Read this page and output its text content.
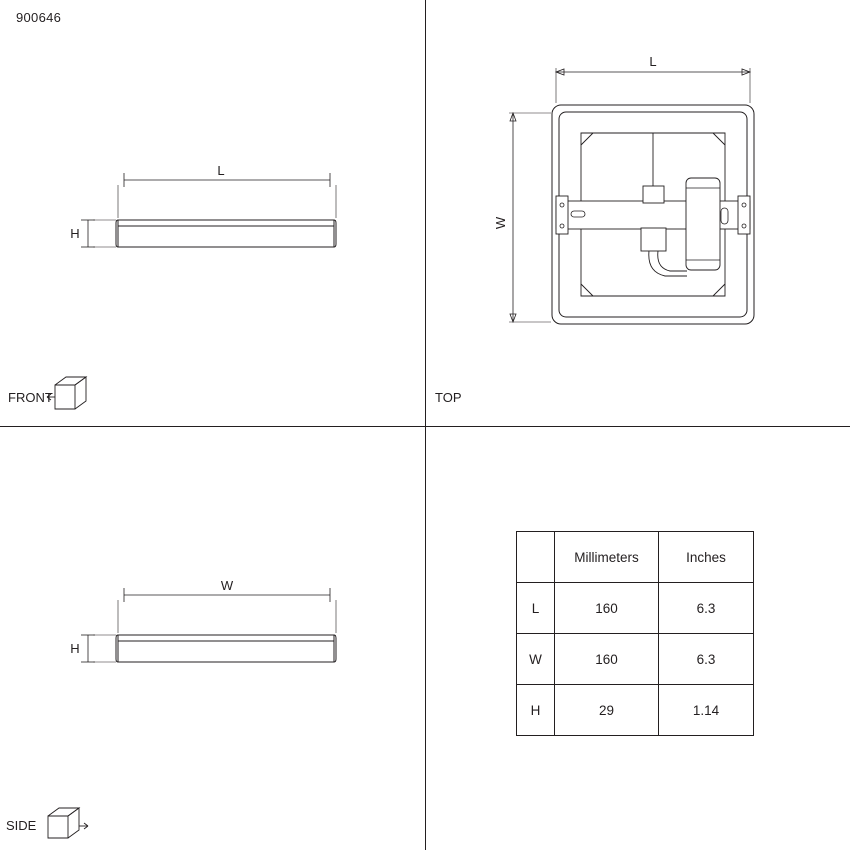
900646
L
H
FRONT
L
W
TOP
W
H
SIDE
	Millimeters	Inches
L	160	6.3
W	160	6.3
H	29	1.14
